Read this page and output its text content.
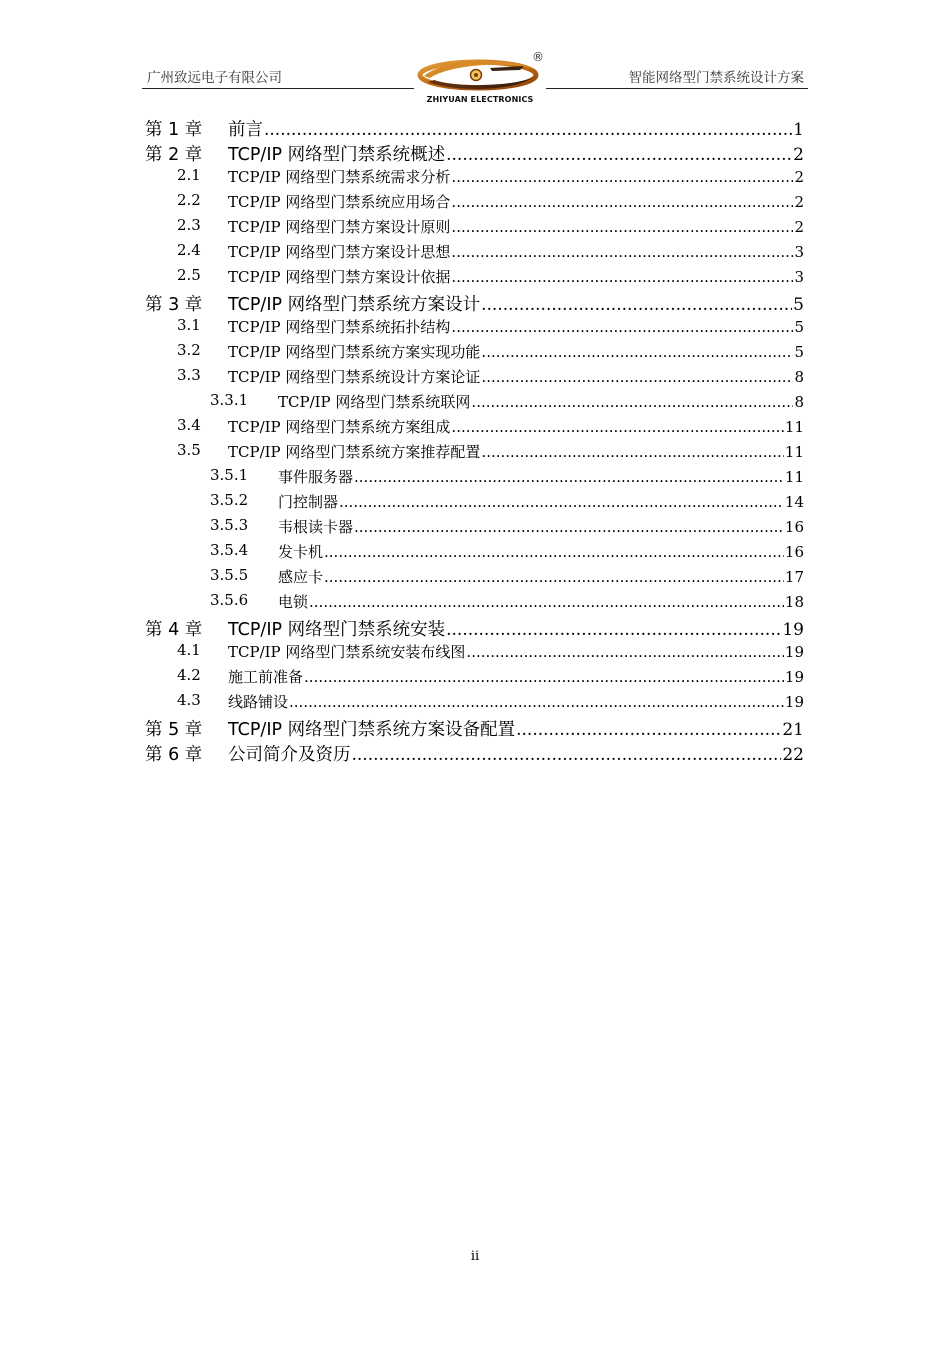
广州致远电子有限公司
ZHIYUAN ELECTRONICS
®
智能网络型门禁系统设计方案
第 1 章 前言 .....	1
第 2 章 TCP/IP 网络型门禁系统概述 .....	2
2.1 TCP/IP 网络型门禁系统需求分析 .....	2
2.2 TCP/IP 网络型门禁系统应用场合 .....	2
2.3 TCP/IP 网络型门禁方案设计原则 .....	2
2.4 TCP/IP 网络型门禁方案设计思想 .....	3
2.5 TCP/IP 网络型门禁方案设计依据 .....	3
第 3 章 TCP/IP 网络型门禁系统方案设计 .....	5
3.1 TCP/IP 网络型门禁系统拓扑结构 .....	5
3.2 TCP/IP 网络型门禁系统方案实现功能 .....	5
3.3 TCP/IP 网络型门禁系统设计方案论证 .....	8
3.3.1 TCP/IP 网络型门禁系统联网 .....	8
3.4 TCP/IP 网络型门禁系统方案组成 .....	11
3.5 TCP/IP 网络型门禁系统方案推荐配置 .....	11
3.5.1 事件服务器 .....	11
3.5.2 门控制器 .....	14
3.5.3 韦根读卡器 .....	16
3.5.4 发卡机 .....	16
3.5.5 感应卡 .....	17
3.5.6 电锁 .....	18
第 4 章 TCP/IP 网络型门禁系统安装 .....	19
4.1 TCP/IP 网络型门禁系统安装布线图 .....	19
4.2 施工前准备 .....	19
4.3 线路铺设 .....	19
第 5 章 TCP/IP 网络型门禁系统方案设备配置 .....	21
第 6 章 公司简介及资历 .....	22
ii
